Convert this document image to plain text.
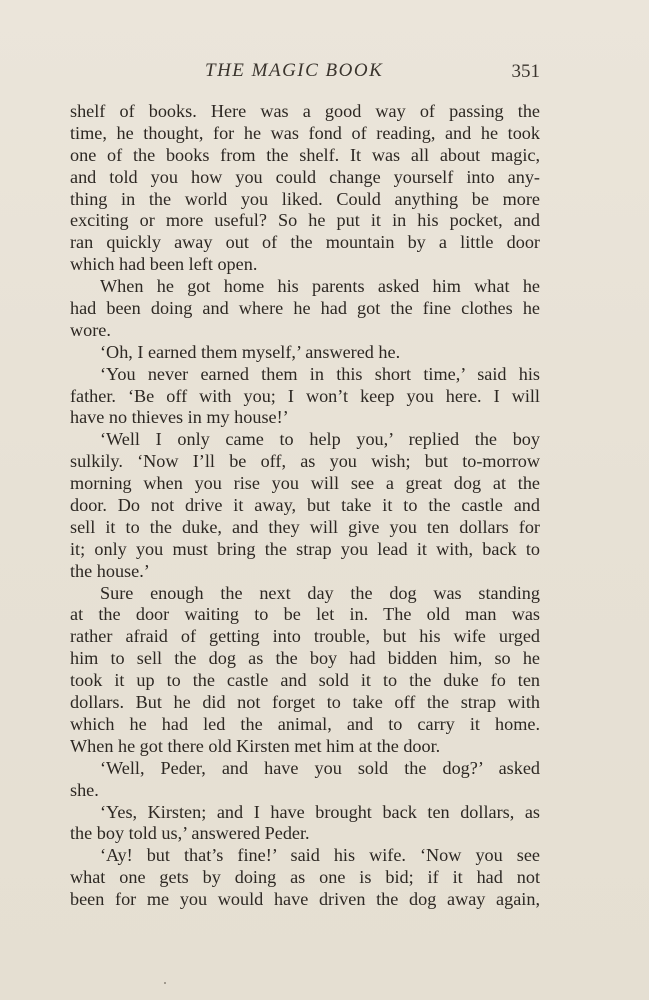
THE MAGIC BOOK	351
shelf of books. Here was a good way of passing the
time, he thought, for he was fond of reading, and he took
one of the books from the shelf. It was all about magic,
and told you how you could change yourself into any-
thing in the world you liked. Could anything be more
exciting or more useful? So he put it in his pocket, and
ran quickly away out of the mountain by a little door
which had been left open.
When he got home his parents asked him what he
had been doing and where he had got the fine clothes he
wore.
‘Oh, I earned them myself,’ answered he.
‘You never earned them in this short time,’ said his
father. ‘Be off with you; I won’t keep you here. I will
have no thieves in my house!’
‘Well I only came to help you,’ replied the boy
sulkily. ‘Now I’ll be off, as you wish; but to-morrow
morning when you rise you will see a great dog at the
door. Do not drive it away, but take it to the castle and
sell it to the duke, and they will give you ten dollars for
it; only you must bring the strap you lead it with, back to
the house.’
Sure enough the next day the dog was standing
at the door waiting to be let in. The old man was
rather afraid of getting into trouble, but his wife urged
him to sell the dog as the boy had bidden him, so he
took it up to the castle and sold it to the duke fo ten
dollars. But he did not forget to take off the strap with
which he had led the animal, and to carry it home.
When he got there old Kirsten met him at the door.
‘Well, Peder, and have you sold the dog?’ asked
she.
‘Yes, Kirsten; and I have brought back ten dollars, as
the boy told us,’ answered Peder.
‘Ay! but that’s fine!’ said his wife. ‘Now you see
what one gets by doing as one is bid; if it had not
been for me you would have driven the dog away again,
